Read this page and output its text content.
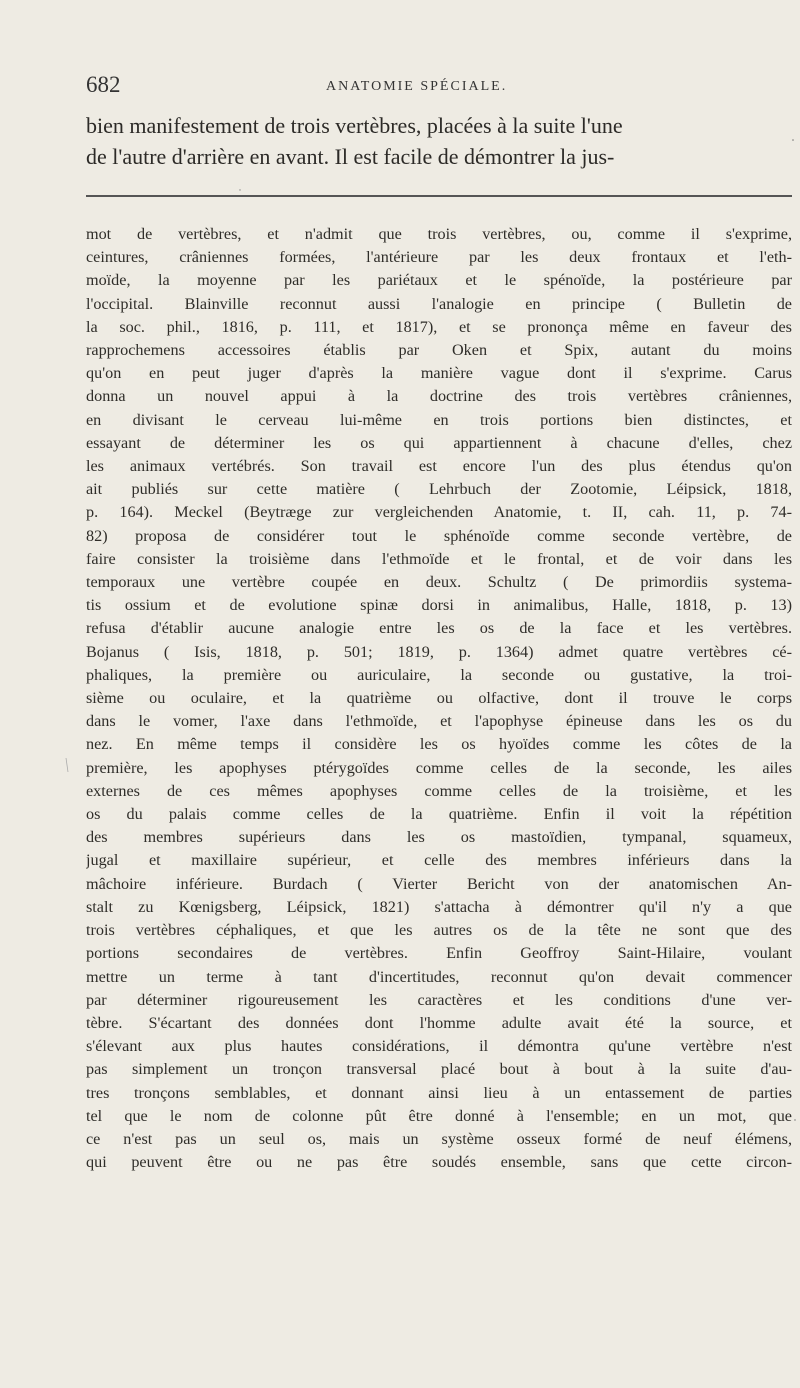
682	ANATOMIE SPÉCIALE.
bien manifestement de trois vertèbres, placées à la suite l'une
de l'autre d'arrière en avant. Il est facile de démontrer la jus-
mot de vertèbres, et n'admit que trois vertèbres, ou, comme il s'exprime,
ceintures, crâniennes formées, l'antérieure par les deux frontaux et l'eth-
moïde, la moyenne par les pariétaux et le spénoïde, la postérieure par
l'occipital. Blainville reconnut aussi l'analogie en principe ( Bulletin de
la soc. phil., 1816, p. 111, et 1817), et se prononça même en faveur des
rapprochemens accessoires établis par Oken et Spix, autant du moins
qu'on en peut juger d'après la manière vague dont il s'exprime. Carus
donna un nouvel appui à la doctrine des trois vertèbres crâniennes,
en divisant le cerveau lui-même en trois portions bien distinctes, et
essayant de déterminer les os qui appartiennent à chacune d'elles, chez
les animaux vertébrés. Son travail est encore l'un des plus étendus qu'on
ait publiés sur cette matière ( Lehrbuch der Zootomie, Léipsick, 1818,
p. 164). Meckel (Beytræge zur vergleichenden Anatomie, t. II, cah. 11, p. 74-
82) proposa de considérer tout le sphénoïde comme seconde vertèbre, de
faire consister la troisième dans l'ethmoïde et le frontal, et de voir dans les
temporaux une vertèbre coupée en deux. Schultz ( De primordiis systema-
tis ossium et de evolutione spinæ dorsi in animalibus, Halle, 1818, p. 13)
refusa d'établir aucune analogie entre les os de la face et les vertèbres.
Bojanus ( Isis, 1818, p. 501; 1819, p. 1364) admet quatre vertèbres cé-
phaliques, la première ou auriculaire, la seconde ou gustative, la troi-
sième ou oculaire, et la quatrième ou olfactive, dont il trouve le corps
dans le vomer, l'axe dans l'ethmoïde, et l'apophyse épineuse dans les os du
nez. En même temps il considère les os hyoïdes comme les côtes de la
première, les apophyses ptérygoïdes comme celles de la seconde, les ailes
externes de ces mêmes apophyses comme celles de la troisième, et les
os du palais comme celles de la quatrième. Enfin il voit la répétition
des membres supérieurs dans les os mastoïdien, tympanal, squameux,
jugal et maxillaire supérieur, et celle des membres inférieurs dans la
mâchoire inférieure. Burdach ( Vierter Bericht von der anatomischen An-
stalt zu Kœnigsberg, Léipsick, 1821) s'attacha à démontrer qu'il n'y a que
trois vertèbres céphaliques, et que les autres os de la tête ne sont que des
portions secondaires de vertèbres. Enfin Geoffroy Saint-Hilaire, voulant
mettre un terme à tant d'incertitudes, reconnut qu'on devait commencer
par déterminer rigoureusement les caractères et les conditions d'une ver-
tèbre. S'écartant des données dont l'homme adulte avait été la source, et
s'élevant aux plus hautes considérations, il démontra qu'une vertèbre n'est
pas simplement un tronçon transversal placé bout à bout à la suite d'au-
tres tronçons semblables, et donnant ainsi lieu à un entassement de parties
tel que le nom de colonne pût être donné à l'ensemble; en un mot, que
ce n'est pas un seul os, mais un système osseux formé de neuf élémens,
qui peuvent être ou ne pas être soudés ensemble, sans que cette circon-
